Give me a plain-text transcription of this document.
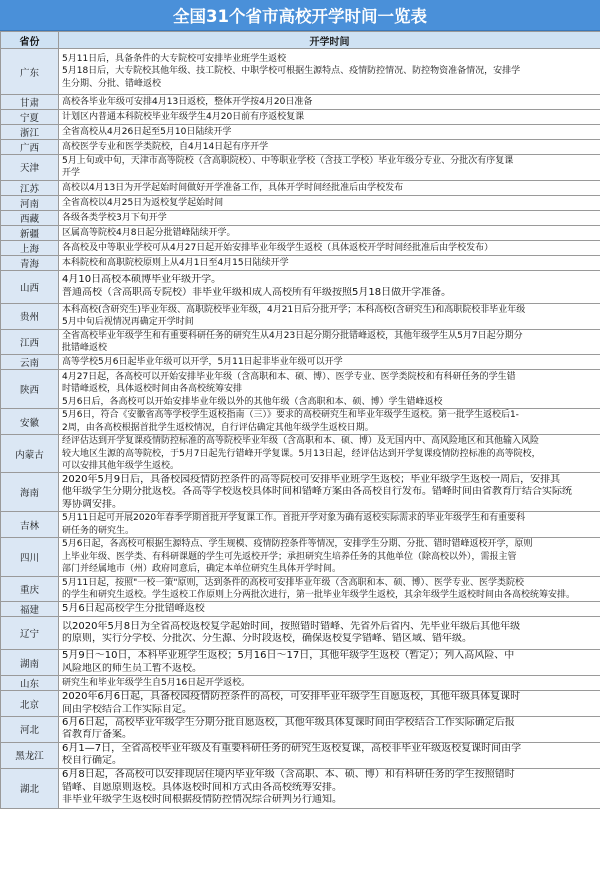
全国31个省市高校开学时间一览表
省份	开学时间
广东	5月11日后，具备条件的大专院校可安排毕业班学生返校
5月18日后，大专院校其他年级、技工院校、中职学校可根据生源特点、疫情防控情况、防控物资准备情况，安排学
生分期、分批、错峰返校

甘肃	高校各毕业年级可安排4月13日返校，整体开学按4月20日准备

宁夏	计划区内普通本科院校毕业年级学生4月20日前有序返校复课

浙江	全省高校从4月26日起至5月10日陆续开学

广西	高校医学专业和医学类院校，自4月14日起有序开学

天津	5月上旬或中旬，天津市高等院校（含高职院校）、中等职业学校（含技工学校）毕业年级分专业、分批次有序复课
开学

江苏	高校以4月13日为开学起始时间做好开学准备工作，具体开学时间经批准后由学校发布

河南	全省高校以4月25日为返校复学起始时间

西藏	各级各类学校3月下旬开学

新疆	区属高等院校4月8日起分批错峰陆续开学。

上海	各高校及中等职业学校可从4月27日起开始安排毕业年级学生返校（具体返校开学时间经批准后由学校发布）

青海	本科院校和高职院校原则上从4月1日至4月15日陆续开学

山西	4月10日高校本硕博毕业年级开学。
普通高校（含高职高专院校）非毕业年级和成人高校所有年级按照5月18日做开学准备。

贵州	本科高校(含研究生)毕业年级、高职院校毕业年级，4月21日后分批开学；本科高校(含研究生)和高职院校非毕业年级
5月中旬后视情况再确定开学时间

江西	全省高校毕业年级学生和有重要科研任务的研究生从4月23日起分期分批错峰返校，其他年级学生从5月7日起分期分
批错峰返校

云南	高等学校5月6日起毕业年级可以开学，5月11日起非毕业年级可以开学

陕西	4月27日起，各高校可以开始安排毕业年级（含高职和本、硕、博）、医学专业、医学类院校和有科研任务的学生错
时错峰返校，具体返校时间由各高校统筹安排
5月6日后，各高校可以开始安排毕业年级以外的其他年级（含高职和本、硕、博）学生错峰返校

安徽	5月6日，符合《安徽省高等学校学生返校指南（三）》要求的高校研究生和毕业年级学生返校。第一批学生返校后1-
2周，由各高校根据首批学生返校情况，自行评估确定其他年级学生返校日期。

内蒙古	经评估达到开学复课疫情防控标准的高等院校毕业年级（含高职和本、硕、博）及无国内中、高风险地区和其他输入风险
较大地区生源的高等院校，于5月7日起先行错峰开学复课。5月13日起，经评估达到开学复课疫情防控标准的高等院校，
可以安排其他年级学生返校。

海南	2020年5月9日后，具备校园疫情防控条件的高等院校可安排毕业班学生返校；毕业年级学生返校一周后，安排其
他年级学生分期分批返校。各高等学校返校具体时间和错峰方案由各高校自行发布。错峰时间由省教育厅结合实际统
筹协调安排。

吉林	5月11日起可开展2020年春季学期首批开学复课工作。首批开学对象为确有返校实际需求的毕业年级学生和有重要科
研任务的研究生。

四川	5月6日起，各高校可根据生源特点、学生规模、疫情防控条件等情况，安排学生分期、分批、错时错峰返校开学，原则
上毕业年级、医学类、有科研课题的学生可先返校开学；承担研究生培养任务的其他单位（除高校以外），需报主管
部门并经属地市（州）政府同意后，确定本单位研究生具体开学时间。

重庆	5月11日起，按照"一校一策"原则，达到条件的高校可安排毕业年级（含高职和本、硕、博）、医学专业、医学类院校
的学生和研究生返校。学生返校工作原则上分两批次进行，第一批毕业年级学生返校，其余年级学生返校时间由各高校统筹安排。

福建	5月6日起高校学生分批错峰返校

辽宁	以2020年5月8日为全省高校返校复学起始时间，按照错时错峰、先省外后省内、先毕业年级后其他年级
的原则，实行分学校、分批次、分生源、分时段返校，确保返校复学错峰、错区域、错年级。

湖南	5月9日～10日，本科毕业班学生返校；5月16日～17日，其他年级学生返校（暂定）；列入高风险、中
风险地区的师生员工暂不返校。

山东	研究生和毕业年级学生自5月16日起开学返校。

北京	2020年6月6日起，具备校园疫情防控条件的高校，可安排毕业年级学生自愿返校，其他年级具体复课时
间由学校结合工作实际自定。

河北	6月6日起，高校毕业年级学生分期分批自愿返校，其他年级具体复课时间由学校结合工作实际确定后报
省教育厅备案。

黑龙江	6月1—7日，全省高校毕业年级及有重要科研任务的研究生返校复课，高校非毕业年级返校复课时间由学
校自行确定。

湖北	6月8日起，各高校可以安排现居住境内毕业年级（含高职、本、硕、博）和有科研任务的学生按照错时
错峰、自愿原则返校。具体返校时间和方式由各高校统筹安排。
非毕业年级学生返校时间根据疫情防控情况综合研判另行通知。
